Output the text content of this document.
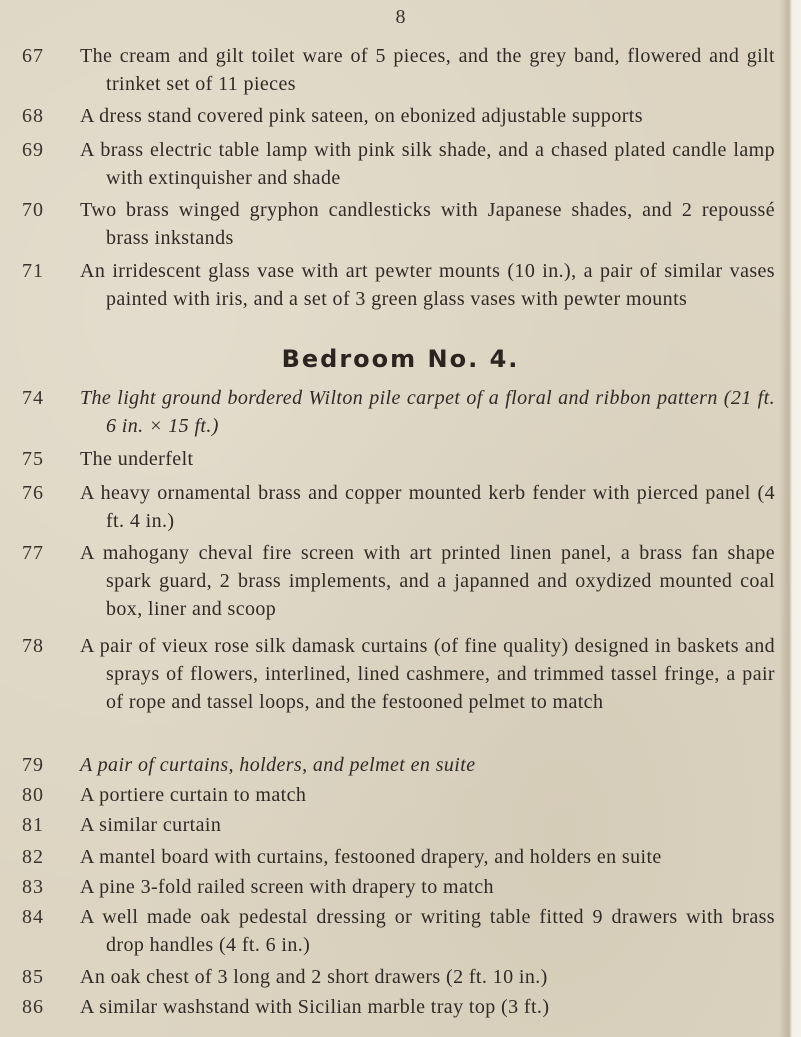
8
67	The cream and gilt toilet ware of 5 pieces, and the grey band, flowered and gilt trinket set of 11 pieces
68	A dress stand covered pink sateen, on ebonized adjustable supports
69	A brass electric table lamp with pink silk shade, and a chased plated candle lamp with extinquisher and shade
70	Two brass winged gryphon candlesticks with Japanese shades, and 2 repoussé brass inkstands
71	An irridescent glass vase with art pewter mounts (10 in.), a pair of similar vases painted with iris, and a set of 3 green glass vases with pewter mounts
Bedroom No. 4.
74	The light ground bordered Wilton pile carpet of a floral and ribbon pattern (21 ft. 6 in. × 15 ft.)
75	The underfelt
76	A heavy ornamental brass and copper mounted kerb fender with pierced panel (4 ft. 4 in.)
77	A mahogany cheval fire screen with art printed linen panel, a brass fan shape spark guard, 2 brass implements, and a japanned and oxydized mounted coal box, liner and scoop
78	A pair of vieux rose silk damask curtains (of fine quality) designed in baskets and sprays of flowers, interlined, lined cashmere, and trimmed tassel fringe, a pair of rope and tassel loops, and the festooned pelmet to match
79	A pair of curtains, holders, and pelmet en suite
80	A portiere curtain to match
81	A similar curtain
82	A mantel board with curtains, festooned drapery, and holders en suite
83	A pine 3-fold railed screen with drapery to match
84	A well made oak pedestal dressing or writing table fitted 9 drawers with brass drop handles (4 ft. 6 in.)
85	An oak chest of 3 long and 2 short drawers (2 ft. 10 in.)
86	A similar washstand with Sicilian marble tray top (3 ft.)
